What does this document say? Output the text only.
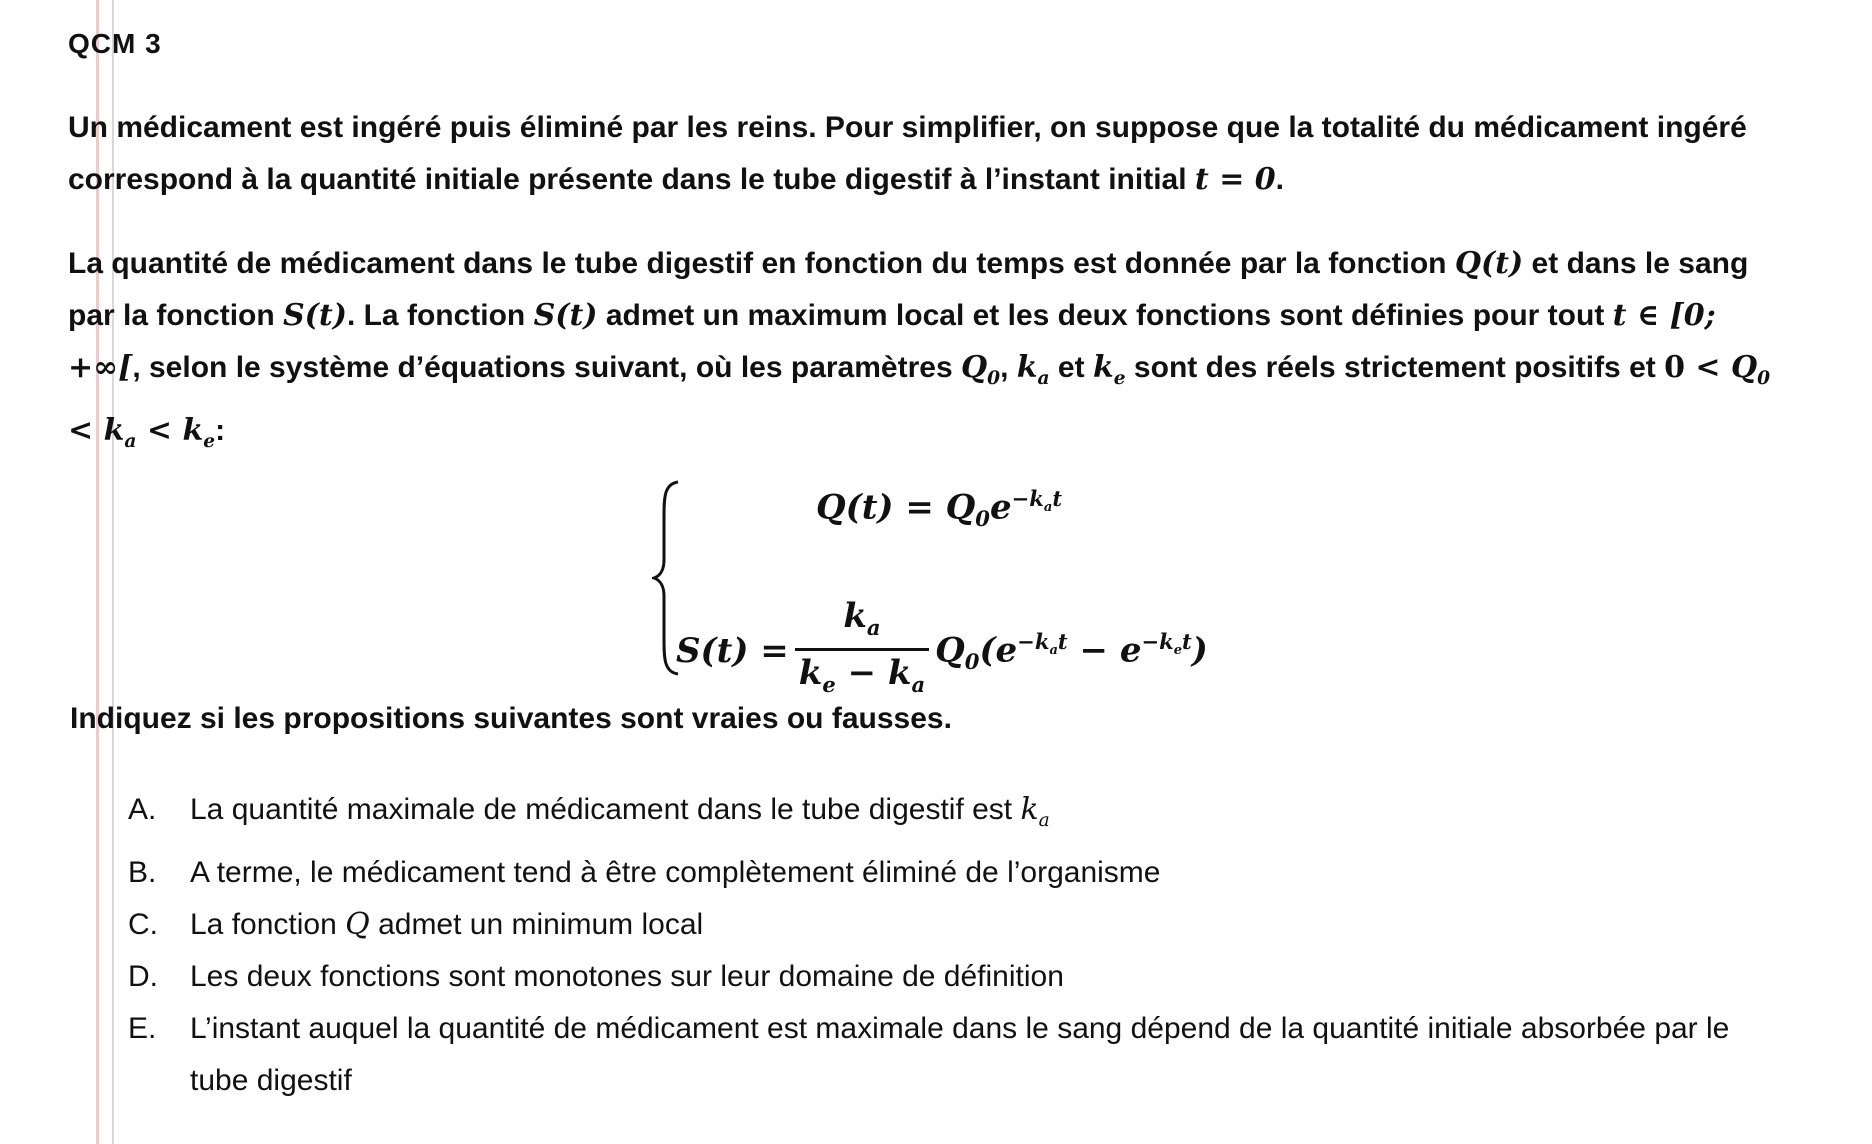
QCM 3
Un médicament est ingéré puis éliminé par les reins. Pour simplifier, on suppose que la totalité du médicament ingéré correspond à la quantité initiale présente dans le tube digestif à l’instant initial t = 0.
La quantité de médicament dans le tube digestif en fonction du temps est donnée par la fonction Q(t) et dans le sang par la fonction S(t). La fonction S(t) admet un maximum local et les deux fonctions sont définies pour tout t ∈ [0; +∞[, selon le système d’équations suivant, où les paramètres $Q_0$, $k_a$ et $k_e$ sont des réels strictement positifs et $0 < Q_0 < k_a < k_e$:
$Q(t) = Q_0e^{-k_at}$
$S(t) = \frac{k_a}{k_e - k_a} Q_0(e^{-k_at} - e^{-k_et})$
Indiquez si les propositions suivantes sont vraies ou fausses.
A.	La quantité maximale de médicament dans le tube digestif est $k_a$
B.	A terme, le médicament tend à être complètement éliminé de l’organisme
C.	La fonction Q admet un minimum local
D.	Les deux fonctions sont monotones sur leur domaine de définition
E.	L’instant auquel la quantité de médicament est maximale dans le sang dépend de la quantité initiale absorbée par le tube digestif
